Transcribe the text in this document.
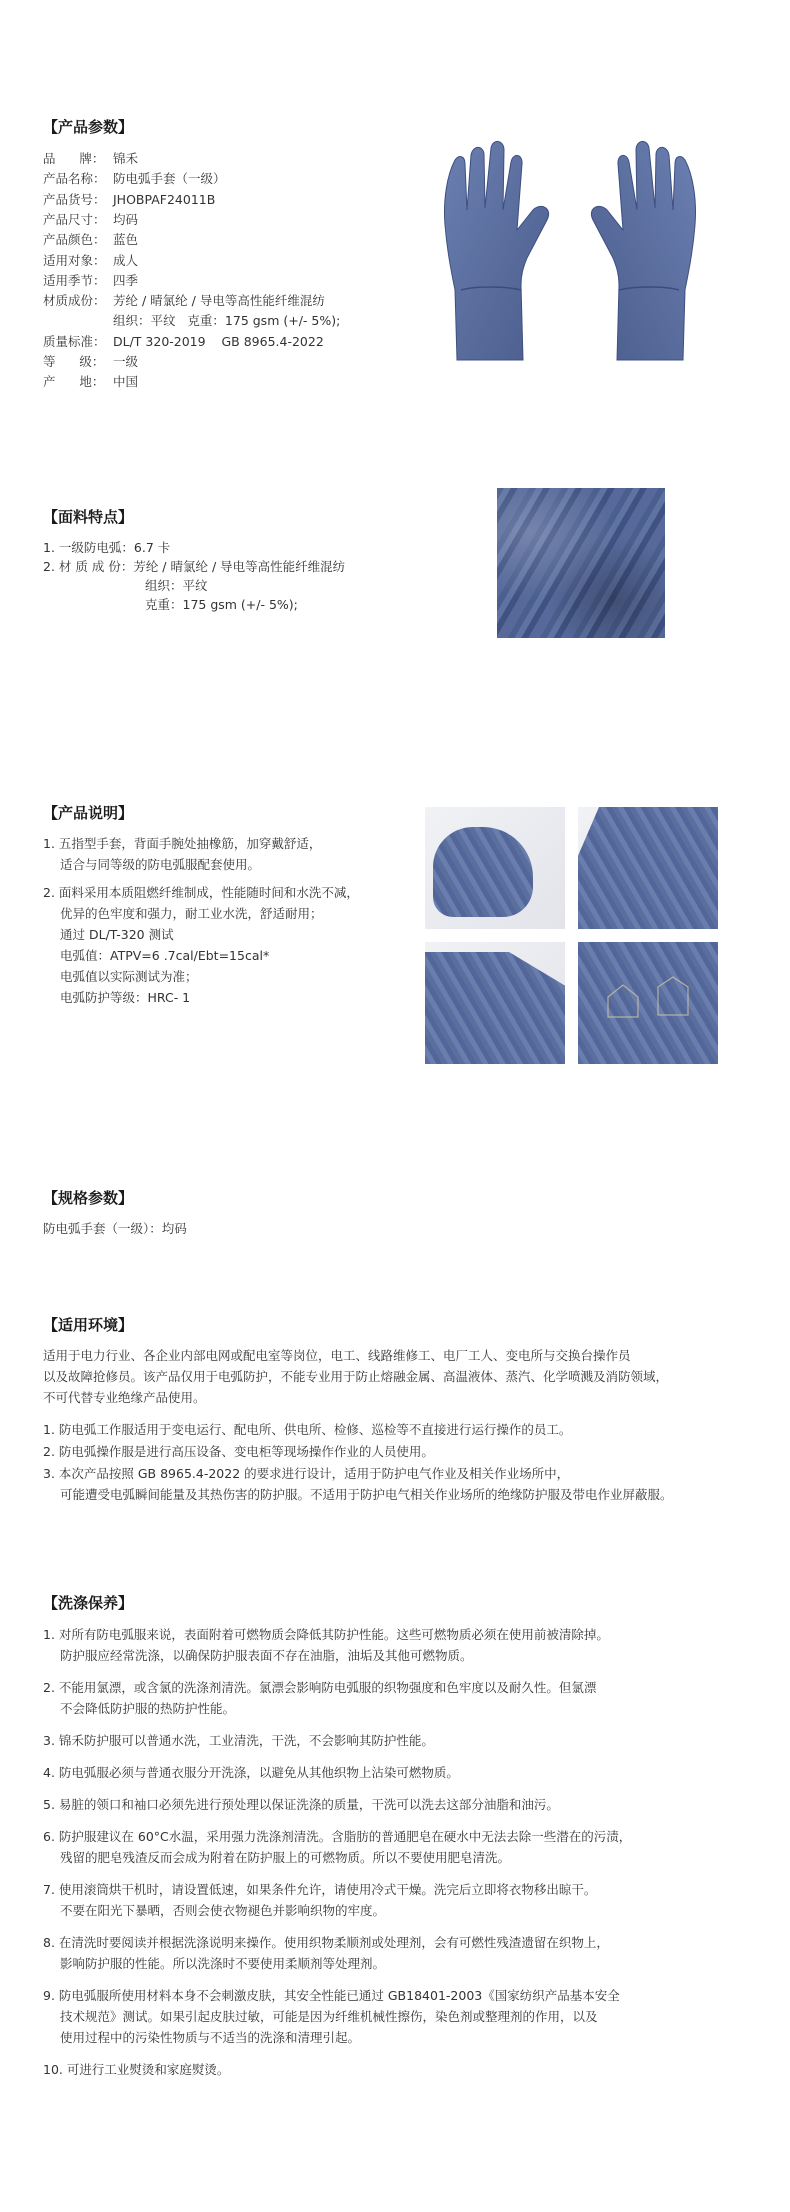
【产品参数】
品      牌： 锦禾
产品名称： 防电弧手套（一级）
产品货号： JHOBPAF24011B
产品尺寸： 均码
产品颜色： 蓝色
适用对象： 成人
适用季节： 四季
材质成份： 芳纶 / 晴氯纶 / 导电等高性能纤维混纺
组织：平纹   克重：175 gsm (+/- 5%);
质量标准： DL/T 320-2019    GB 8965.4-2022
等      级： 一级
产      地： 中国
【面料特点】
1. 一级防电弧：6.7 卡
2. 材 质 成 份：芳纶 / 晴氯纶 / 导电等高性能纤维混纺
组织：平纹
克重：175 gsm (+/- 5%);
【产品说明】
1. 五指型手套，背面手腕处抽橡筋，加穿戴舒适，
适合与同等级的防电弧服配套使用。
2. 面料采用本质阻燃纤维制成，性能随时间和水洗不减，
优异的色牢度和强力，耐工业水洗，舒适耐用；
通过 DL/T-320 测试
电弧值：ATPV=6 .7cal/Ebt=15cal*
电弧值以实际测试为准；
电弧防护等级：HRC- 1
【规格参数】
防电弧手套（一级）：均码
【适用环境】
适用于电力行业、各企业内部电网或配电室等岗位，电工、线路维修工、电厂工人、变电所与交换台操作员
以及故障抢修员。该产品仅用于电弧防护，不能专业用于防止熔融金属、高温液体、蒸汽、化学喷溅及消防领域，
不可代替专业绝缘产品使用。
1. 防电弧工作服适用于变电运行、配电所、供电所、检修、巡检等不直接进行运行操作的员工。
2. 防电弧操作服是进行高压设备、变电柜等现场操作作业的人员使用。
3. 本次产品按照 GB 8965.4-2022 的要求进行设计，适用于防护电气作业及相关作业场所中，
可能遭受电弧瞬间能量及其热伤害的防护服。不适用于防护电气相关作业场所的绝缘防护服及带电作业屏蔽服。
【洗涤保养】
1. 对所有防电弧服来说，表面附着可燃物质会降低其防护性能。这些可燃物质必须在使用前被清除掉。
防护服应经常洗涤，以确保防护服表面不存在油脂，油垢及其他可燃物质。
2. 不能用氯漂，或含氯的洗涤剂清洗。氯漂会影响防电弧服的织物强度和色牢度以及耐久性。但氯漂
不会降低防护服的热防护性能。
3. 锦禾防护服可以普通水洗，工业清洗，干洗，不会影响其防护性能。
4. 防电弧服必须与普通衣服分开洗涤，以避免从其他织物上沾染可燃物质。
5. 易脏的领口和袖口必须先进行预处理以保证洗涤的质量，干洗可以洗去这部分油脂和油污。
6. 防护服建议在 60°C水温，采用强力洗涤剂清洗。含脂肪的普通肥皂在硬水中无法去除一些潜在的污渍，
残留的肥皂残渣反而会成为附着在防护服上的可燃物质。所以不要使用肥皂清洗。
7. 使用滚筒烘干机时，请设置低速，如果条件允许，请使用冷式干燥。洗完后立即将衣物移出晾干。
不要在阳光下暴晒，否则会使衣物褪色并影响织物的牢度。
8. 在清洗时要阅读并根据洗涤说明来操作。使用织物柔顺剂或处理剂，会有可燃性残渣遗留在织物上，
影响防护服的性能。所以洗涤时不要使用柔顺剂等处理剂。
9. 防电弧服所使用材料本身不会刺激皮肤，其安全性能已通过 GB18401-2003《国家纺织产品基本安全
技术规范》测试。如果引起皮肤过敏，可能是因为纤维机械性擦伤，染色剂或整理剂的作用，以及
使用过程中的污染性物质与不适当的洗涤和清理引起。
10. 可进行工业熨烫和家庭熨烫。
